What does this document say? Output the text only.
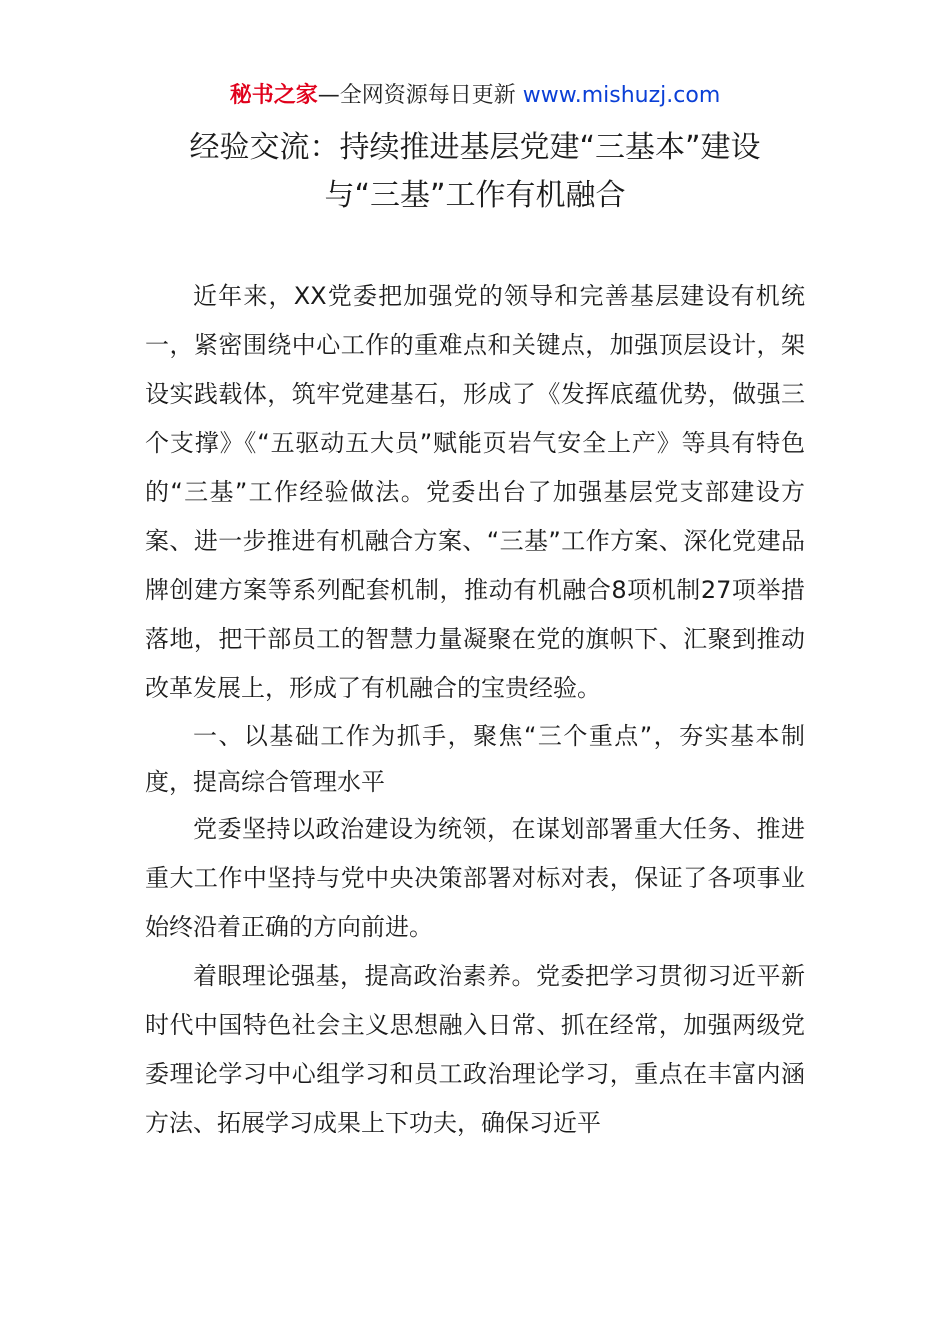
秘书之家—全网资源每日更新 www.mishuzj.com
经验交流：持续推进基层党建“三基本”建设
与“三基”工作有机融合

近年来，XX党委把加强党的领导和完善基层建设有机统一，紧密围绕中心工作的重难点和关键点，加强顶层设计，架设实践载体，筑牢党建基石，形成了《发挥底蕴优势，做强三个支撑》《“五驱动五大员”赋能页岩气安全上产》等具有特色的“三基”工作经验做法。党委出台了加强基层党支部建设方案、进一步推进有机融合方案、“三基”工作方案、深化党建品牌创建方案等系列配套机制，推动有机融合8项机制27项举措落地，把干部员工的智慧力量凝聚在党的旗帜下、汇聚到推动改革发展上，形成了有机融合的宝贵经验。

一、以基础工作为抓手，聚焦“三个重点”，夯实基本制度，提高综合管理水平

党委坚持以政治建设为统领，在谋划部署重大任务、推进重大工作中坚持与党中央决策部署对标对表，保证了各项事业始终沿着正确的方向前进。

着眼理论强基，提高政治素养。党委把学习贯彻习近平新时代中国特色社会主义思想融入日常、抓在经常，加强两级党委理论学习中心组学习和员工政治理论学习，重点在丰富内涵方法、拓展学习成果上下功夫，确保习近平
